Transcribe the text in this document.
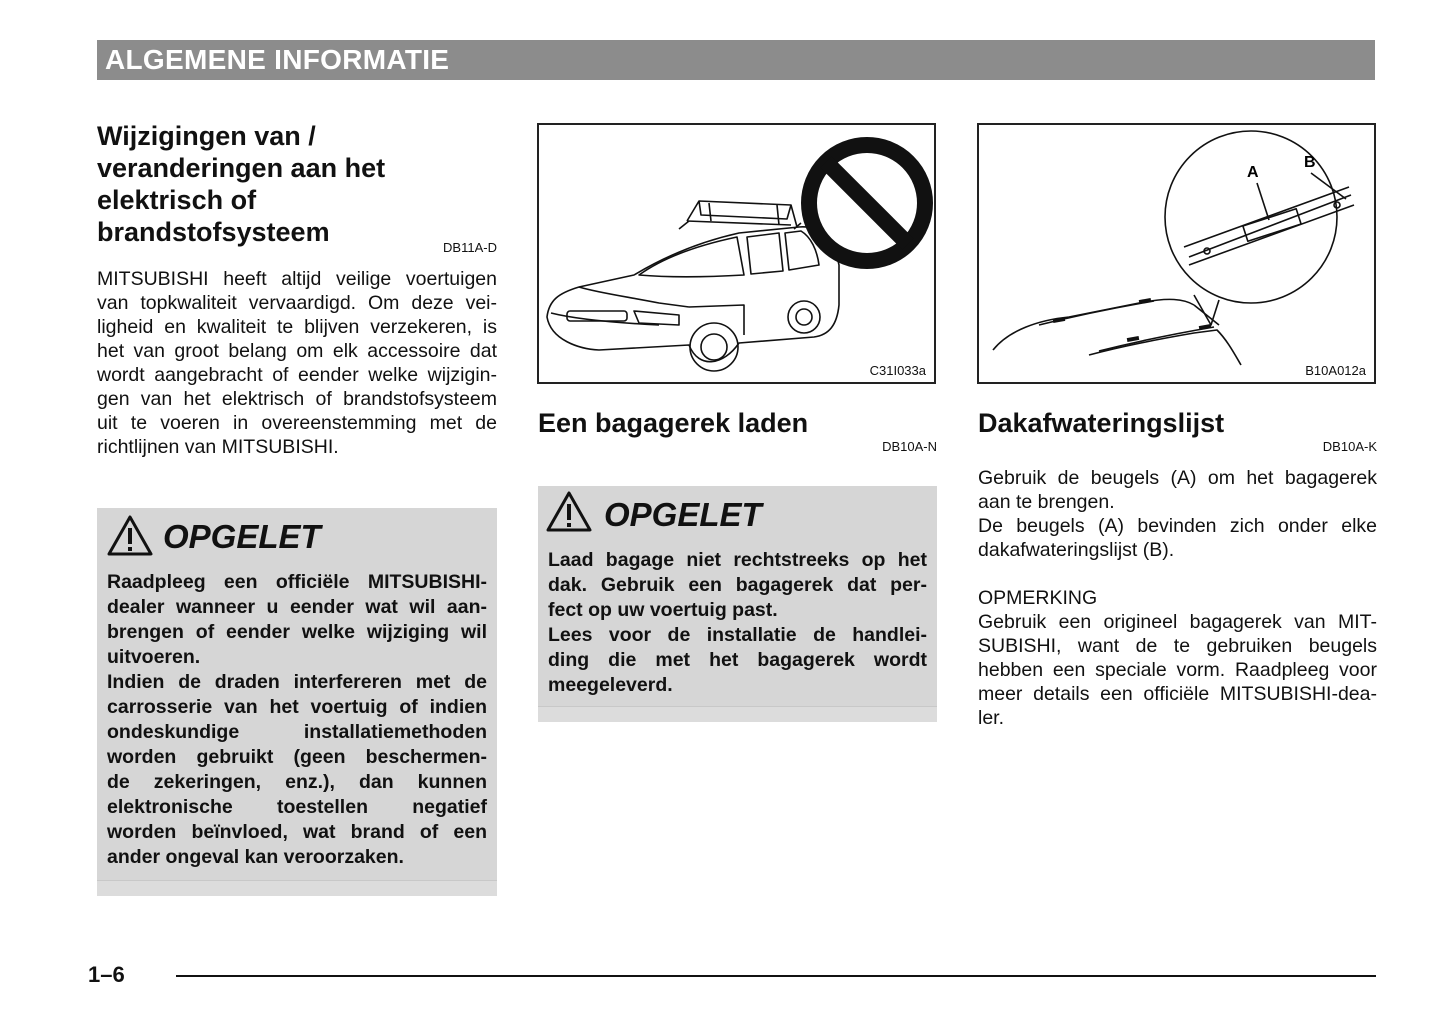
ALGEMENE INFORMATIE
Wijzigingen van /
veranderingen aan het
elektrisch of
brandstofsysteem
DB11A-D
MITSUBISHI heeft altijd veilige voertuigen
van topkwaliteit vervaardigd. Om deze vei-
ligheid en kwaliteit te blijven verzekeren, is
het van groot belang om elk accessoire dat
wordt aangebracht of eender welke wijzigin-
gen van het elektrisch of brandstofsysteem
uit te voeren in overeenstemming met de
richtlijnen van MITSUBISHI.
OPGELET
Raadpleeg een officiële MITSUBISHI-
dealer wanneer u eender wat wil aan-
brengen of eender welke wijziging wil
uitvoeren.
Indien de draden interfereren met de
carrosserie van het voertuig of indien
ondeskundige installatiemethoden
worden gebruikt (geen beschermen-
de zekeringen, enz.), dan kunnen
elektronische toestellen negatief
worden beïnvloed, wat brand of een
ander ongeval kan veroorzaken.
C31I033a
Een bagagerek laden
DB10A-N
OPGELET
Laad bagage niet rechtstreeks op het
dak. Gebruik een bagagerek dat per-
fect op uw voertuig past.
Lees voor de installatie de handlei-
ding die met het bagagerek wordt
meegeleverd.
A
B
B10A012a
Dakafwateringslijst
DB10A-K
Gebruik de beugels (A) om het bagagerek
aan te brengen.
De beugels (A) bevinden zich onder elke
dakafwateringslijst (B).
OPMERKING
Gebruik een origineel bagagerek van MIT-
SUBISHI, want de te gebruiken beugels
hebben een speciale vorm. Raadpleeg voor
meer details een officiële MITSUBISHI-dea-
ler.
1–6
